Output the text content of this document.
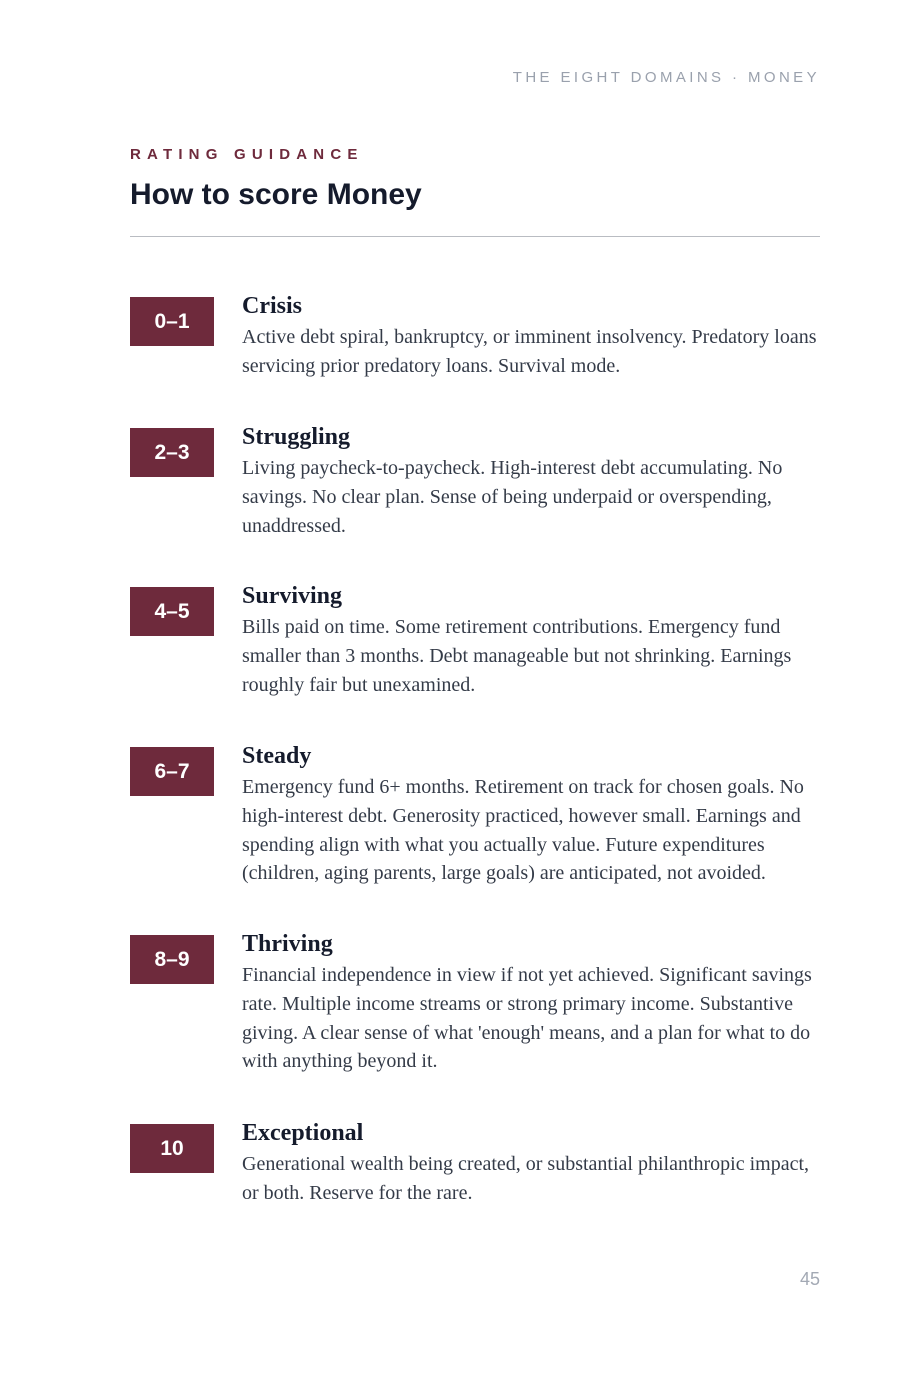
THE EIGHT DOMAINS · MONEY
RATING GUIDANCE
How to score Money
0–1
Crisis

Active debt spiral, bankruptcy, or imminent insolvency. Predatory loans servicing prior predatory loans. Survival mode.

2–3
Struggling

Living paycheck-to-paycheck. High-interest debt accumulating. No savings. No clear plan. Sense of being underpaid or overspending, unaddressed.

4–5
Surviving

Bills paid on time. Some retirement contributions. Emergency fund smaller than 3 months. Debt manageable but not shrinking. Earnings roughly fair but unexamined.

6–7
Steady

Emergency fund 6+ months. Retirement on track for chosen goals. No high-interest debt. Generosity practiced, however small. Earnings and spending align with what you actually value. Future expenditures (children, aging parents, large goals) are anticipated, not avoided.

8–9
Thriving

Financial independence in view if not yet achieved. Significant savings rate. Multiple income streams or strong primary income. Substantive giving. A clear sense of what 'enough' means, and a plan for what to do with anything beyond it.

10
Exceptional

Generational wealth being created, or substantial philanthropic impact, or both. Reserve for the rare.

45
